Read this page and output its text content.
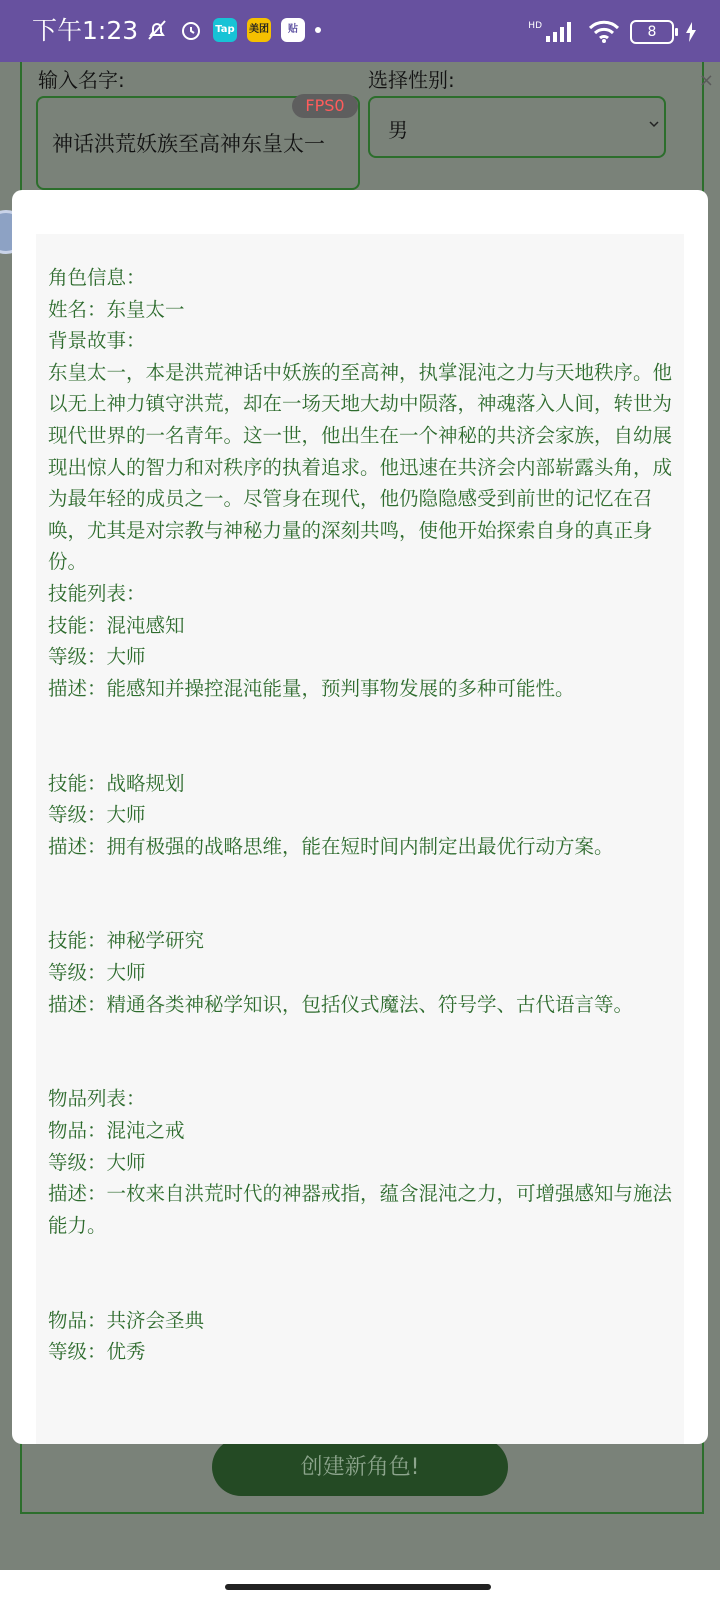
下午1:23	Tap 美团	贴	HD	8
输入名字:	选择性别:
神话洪荒妖族至高神东皇太一
FPS0
男
×
创建新角色!
角色信息：
姓名：东皇太一
背景故事：
东皇太一，本是洪荒神话中妖族的至高神，执掌混沌之力与天地秩序。他以无上神力镇守洪荒，却在一场天地大劫中陨落，神魂落入人间，转世为现代世界的一名青年。这一世，他出生在一个神秘的共济会家族，自幼展现出惊人的智力和对秩序的执着追求。他迅速在共济会内部崭露头角，成为最年轻的成员之一。尽管身在现代，他仍隐隐感受到前世的记忆在召唤，尤其是对宗教与神秘力量的深刻共鸣，使他开始探索自身的真正身份。
技能列表：
技能：混沌感知
等级：大师
描述：能感知并操控混沌能量，预判事物发展的多种可能性。

技能：战略规划
等级：大师
描述：拥有极强的战略思维，能在短时间内制定出最优行动方案。

技能：神秘学研究
等级：大师
描述：精通各类神秘学知识，包括仪式魔法、符号学、古代语言等。

物品列表：
物品：混沌之戒
等级：大师
描述：一枚来自洪荒时代的神器戒指，蕴含混沌之力，可增强感知与施法能力。

物品：共济会圣典
等级：优秀
